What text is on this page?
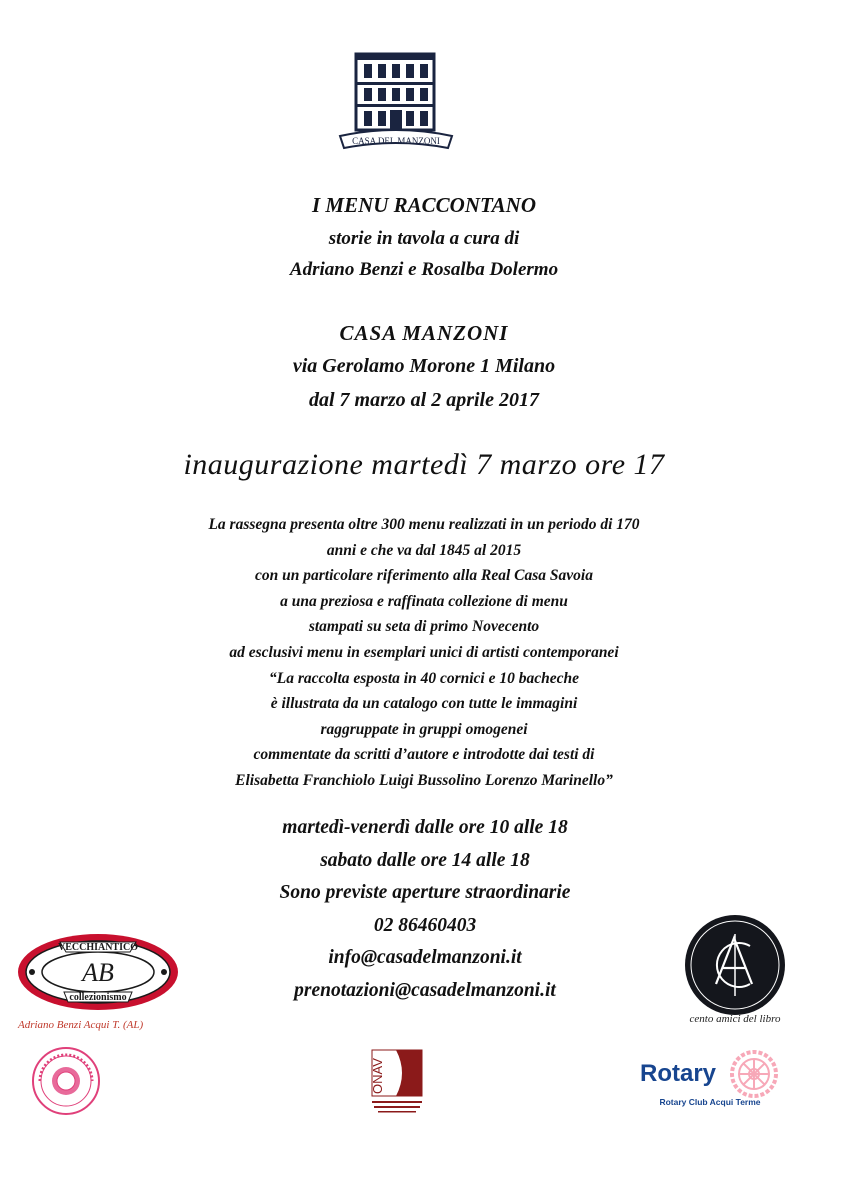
CASA DEL MANZONI
I MENU RACCONTANO
storie in tavola a cura di
Adriano Benzi e Rosalba Dolermo
CASA MANZONI
via Gerolamo Morone 1 Milano
dal 7 marzo al 2 aprile 2017
inaugurazione martedì 7 marzo ore 17
La rassegna presenta oltre 300 menu realizzati in un periodo di 170
anni e che va dal 1845 al 2015
con un particolare riferimento alla Real Casa Savoia
a una preziosa e raffinata collezione di menu
stampati su seta di primo Novecento
ad esclusivi menu in esemplari unici di artisti contemporanei
“La raccolta esposta in 40 cornici e 10 bacheche
è illustrata da un catalogo con tutte le immagini
raggruppate in gruppi omogenei
commentate da scritti d’autore e introdotte dai testi di
Elisabetta Franchiolo Luigi Bussolino Lorenzo Marinello”
martedì-venerdì dalle ore 10 alle 18
sabato dalle ore 14 alle 18
Sono previste aperture straordinarie
02 86460403
info@casadelmanzoni.it
prenotazioni@casadelmanzoni.it
VECCHIANTICO
AB
collezionismo
Adriano Benzi Acqui T. (AL)	cento amici del libro
ONAV	Rotary
Rotary Club Acqui Terme
